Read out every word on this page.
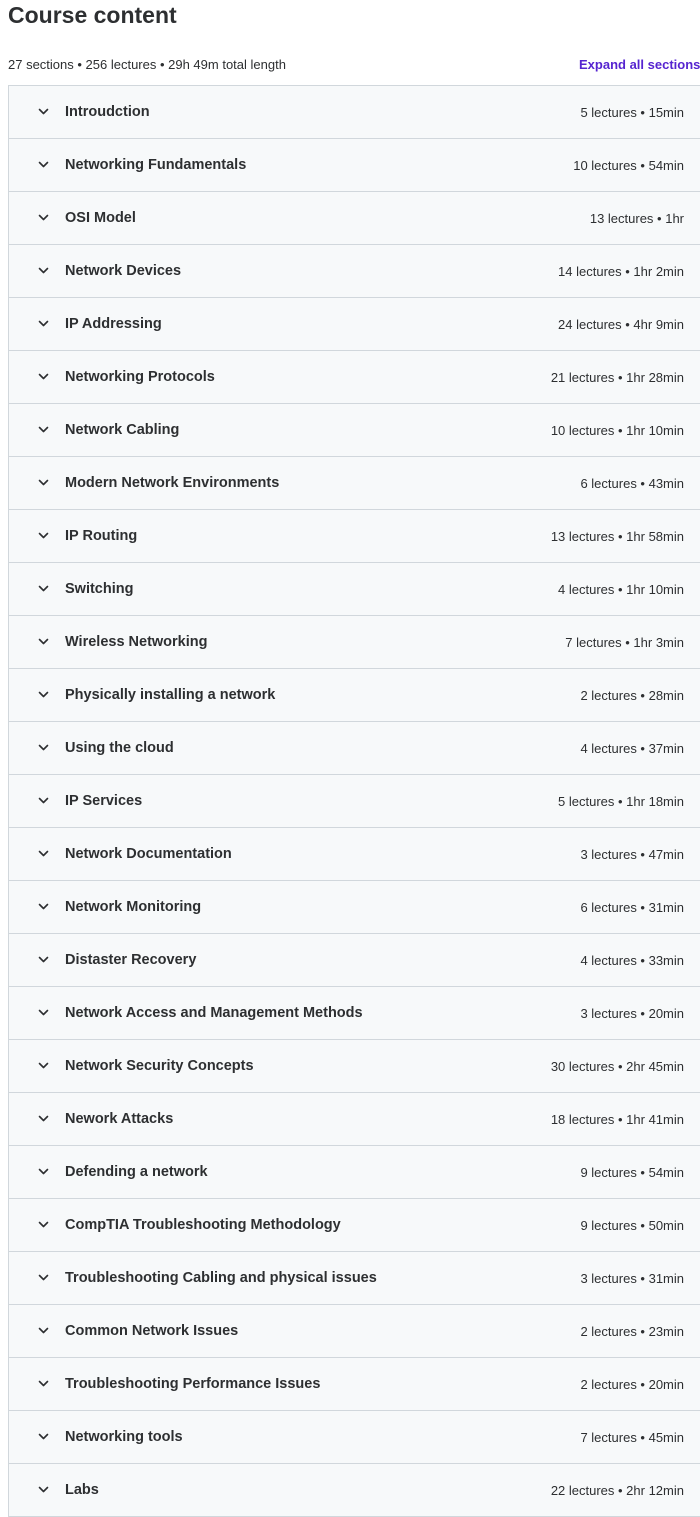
Course content
27 sections • 256 lectures • 29h 49m total length	Expand all sections
Introudction	5 lectures • 15min
Networking Fundamentals	10 lectures • 54min
OSI Model	13 lectures • 1hr
Network Devices	14 lectures • 1hr 2min
IP Addressing	24 lectures • 4hr 9min
Networking Protocols	21 lectures • 1hr 28min
Network Cabling	10 lectures • 1hr 10min
Modern Network Environments	6 lectures • 43min
IP Routing	13 lectures • 1hr 58min
Switching	4 lectures • 1hr 10min
Wireless Networking	7 lectures • 1hr 3min
Physically installing a network	2 lectures • 28min
Using the cloud	4 lectures • 37min
IP Services	5 lectures • 1hr 18min
Network Documentation	3 lectures • 47min
Network Monitoring	6 lectures • 31min
Distaster Recovery	4 lectures • 33min
Network Access and Management Methods	3 lectures • 20min
Network Security Concepts	30 lectures • 2hr 45min
Nework Attacks	18 lectures • 1hr 41min
Defending a network	9 lectures • 54min
CompTIA Troubleshooting Methodology	9 lectures • 50min
Troubleshooting Cabling and physical issues	3 lectures • 31min
Common Network Issues	2 lectures • 23min
Troubleshooting Performance Issues	2 lectures • 20min
Networking tools	7 lectures • 45min
Labs	22 lectures • 2hr 12min
